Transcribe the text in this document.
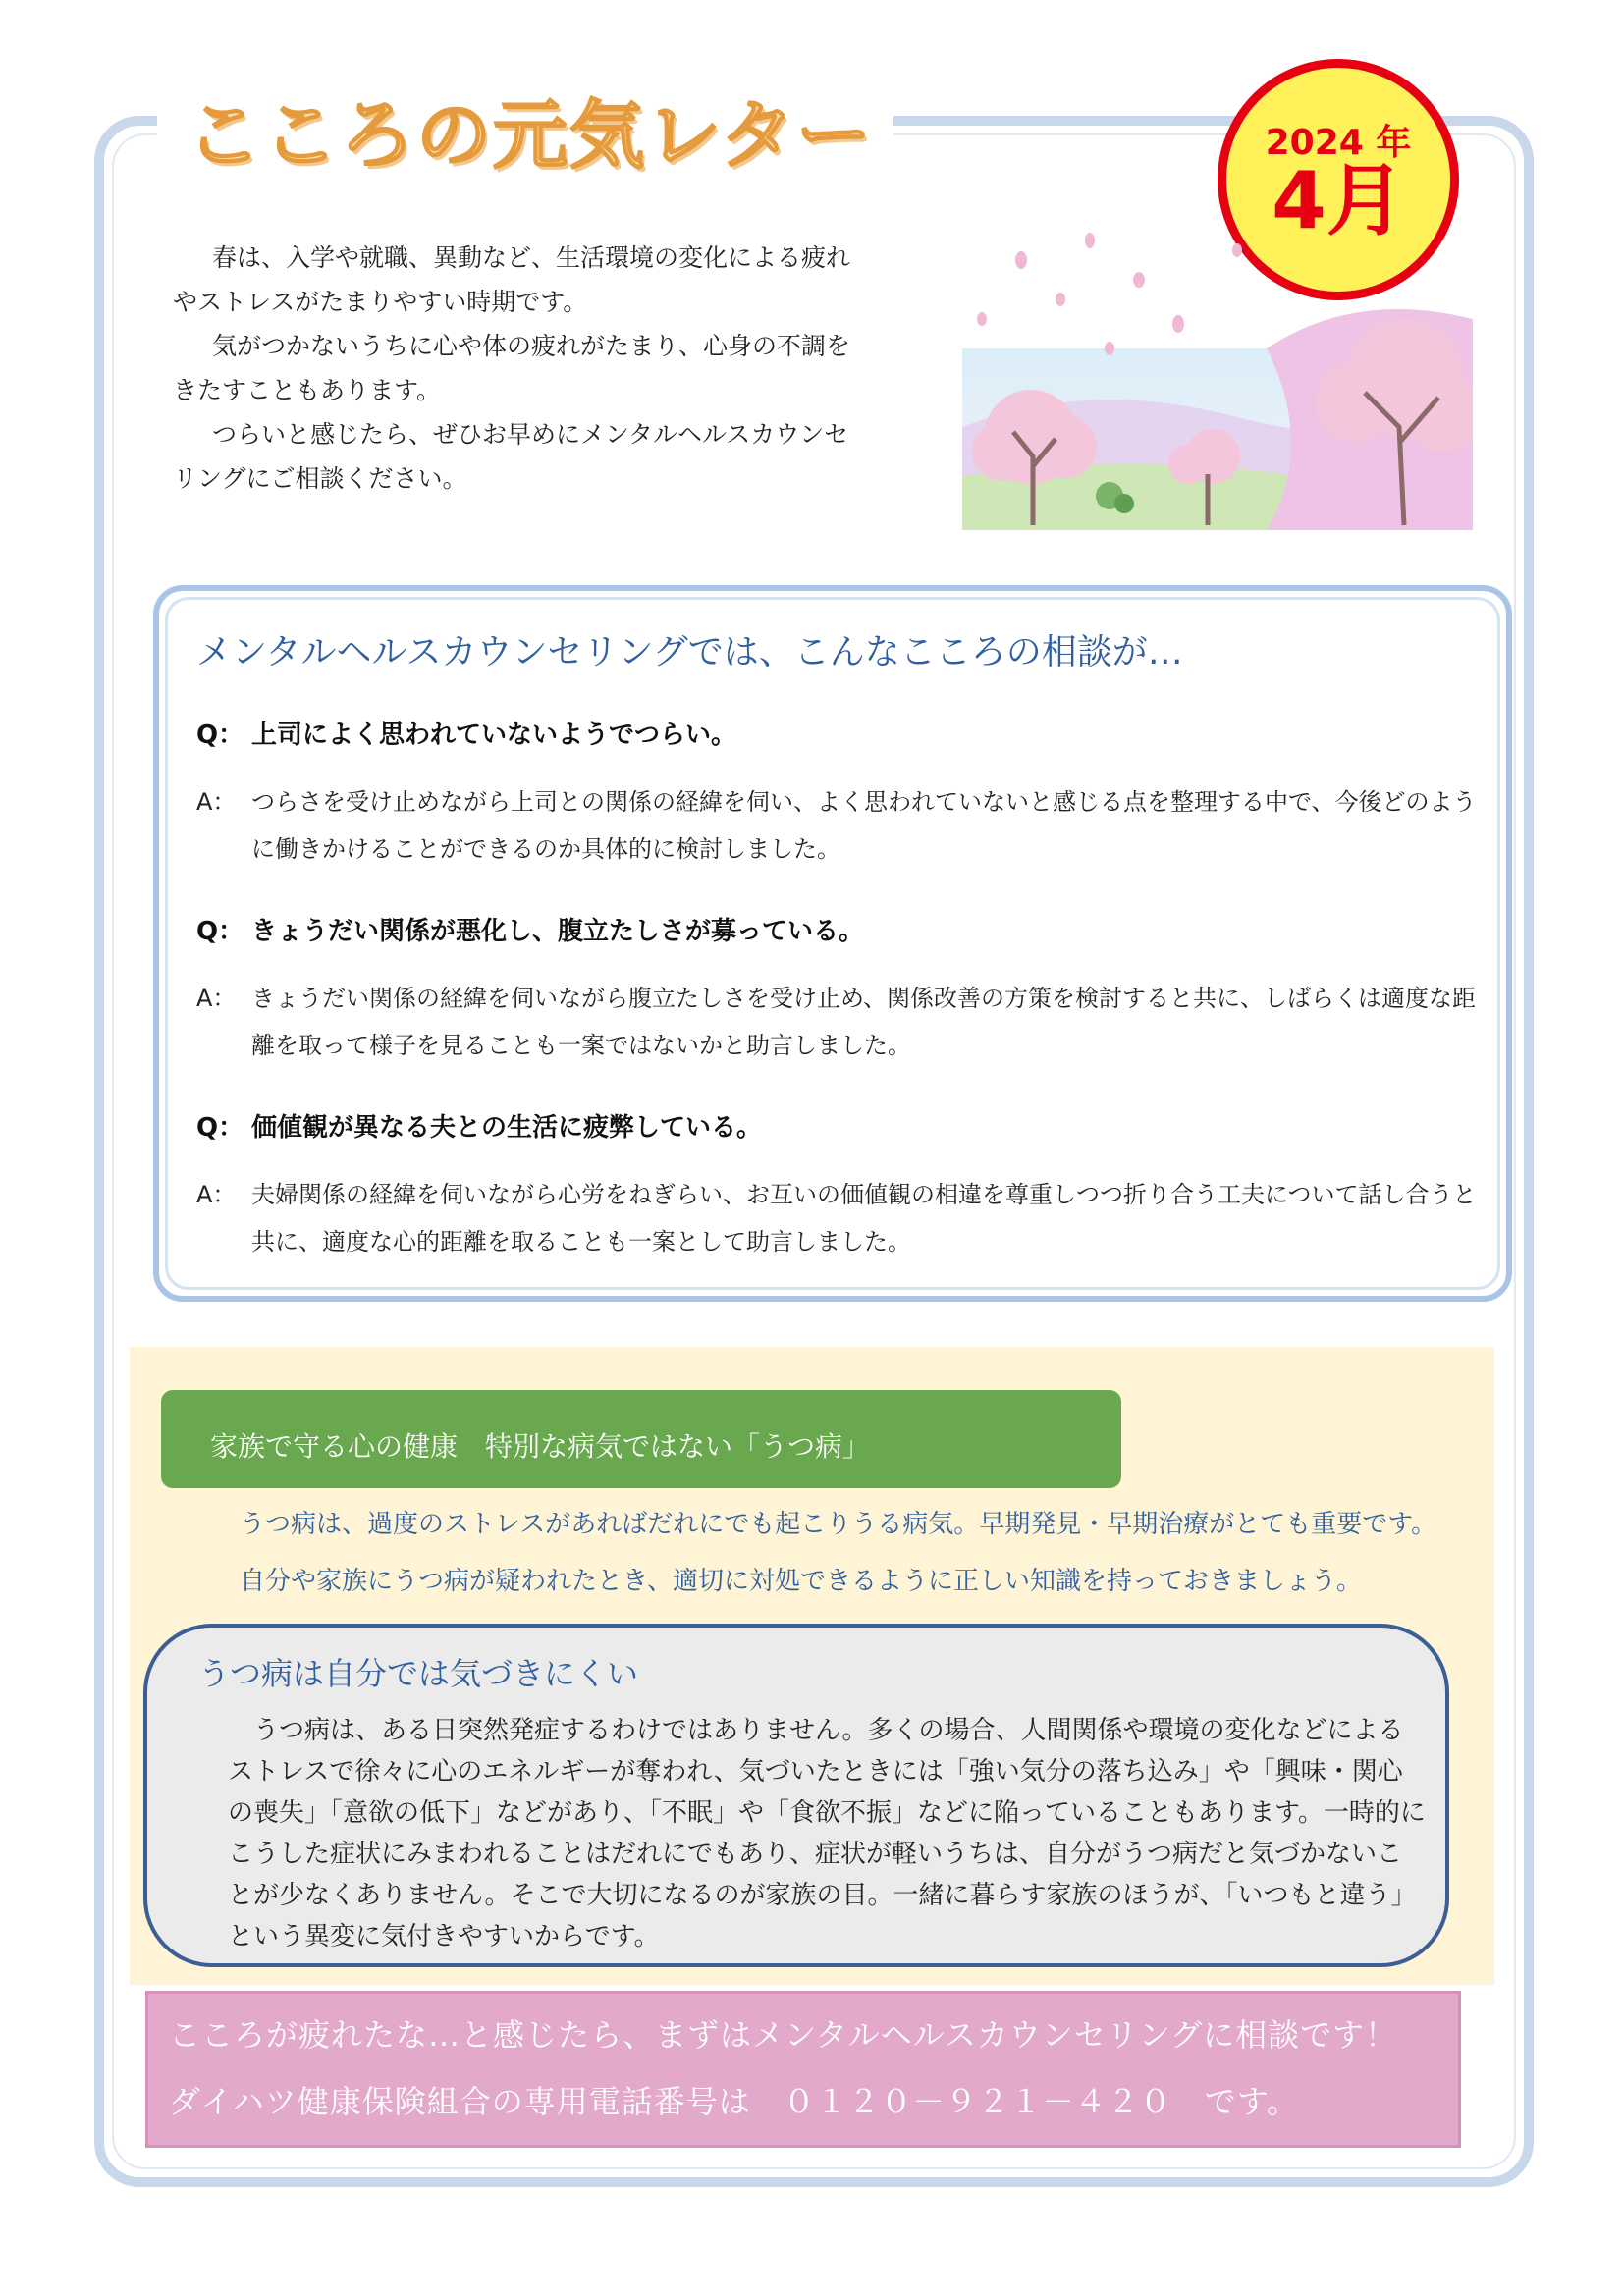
こころの元気レター	2024 年
4月

春は、入学や就職、異動など、生活環境の変化による疲れやストレスがたまりやすい時期です。

気がつかないうちに心や体の疲れがたまり、心身の不調をきたすこともあります。

つらいと感じたら、ぜひお早めにメンタルヘルスカウンセリングにご相談ください。

メンタルヘルスカウンセリングでは、こんなこころの相談が…
Q： 上司によく思われていないようでつらい。
A： つらさを受け止めながら上司との関係の経緯を伺い、よく思われていないと感じる点を整理する中で、今後どのように働きかけることができるのか具体的に検討しました。
Q： きょうだい関係が悪化し、腹立たしさが募っている。
A： きょうだい関係の経緯を伺いながら腹立たしさを受け止め、関係改善の方策を検討すると共に、しばらくは適度な距離を取って様子を見ることも一案ではないかと助言しました。
Q： 価値観が異なる夫との生活に疲弊している。
A： 夫婦関係の経緯を伺いながら心労をねぎらい、お互いの価値観の相違を尊重しつつ折り合う工夫について話し合うと共に、適度な心的距離を取ることも一案として助言しました。
家族で守る心の健康　特別な病気ではない「うつ病」
うつ病は、過度のストレスがあればだれにでも起こりうる病気。早期発見・早期治療がとても重要です。
自分や家族にうつ病が疑われたとき、適切に対処できるように正しい知識を持っておきましょう。
うつ病は自分では気づきにくい
うつ病は、ある日突然発症するわけではありません。多くの場合、人間関係や環境の変化などによるストレスで徐々に心のエネルギーが奪われ、気づいたときには「強い気分の落ち込み」や「興味・関心の喪失」「意欲の低下」などがあり、「不眠」や「食欲不振」などに陥っていることもあります。一時的にこうした症状にみまわれることはだれにでもあり、症状が軽いうちは、自分がうつ病だと気づかないことが少なくありません。そこで大切になるのが家族の目。一緒に暮らす家族のほうが、「いつもと違う」という異変に気付きやすいからです。
こころが疲れたな…と感じたら、まずはメンタルヘルスカウンセリングに相談です！
ダイハツ健康保険組合の専用電話番号は　０１２０－９２１－４２０　です。
